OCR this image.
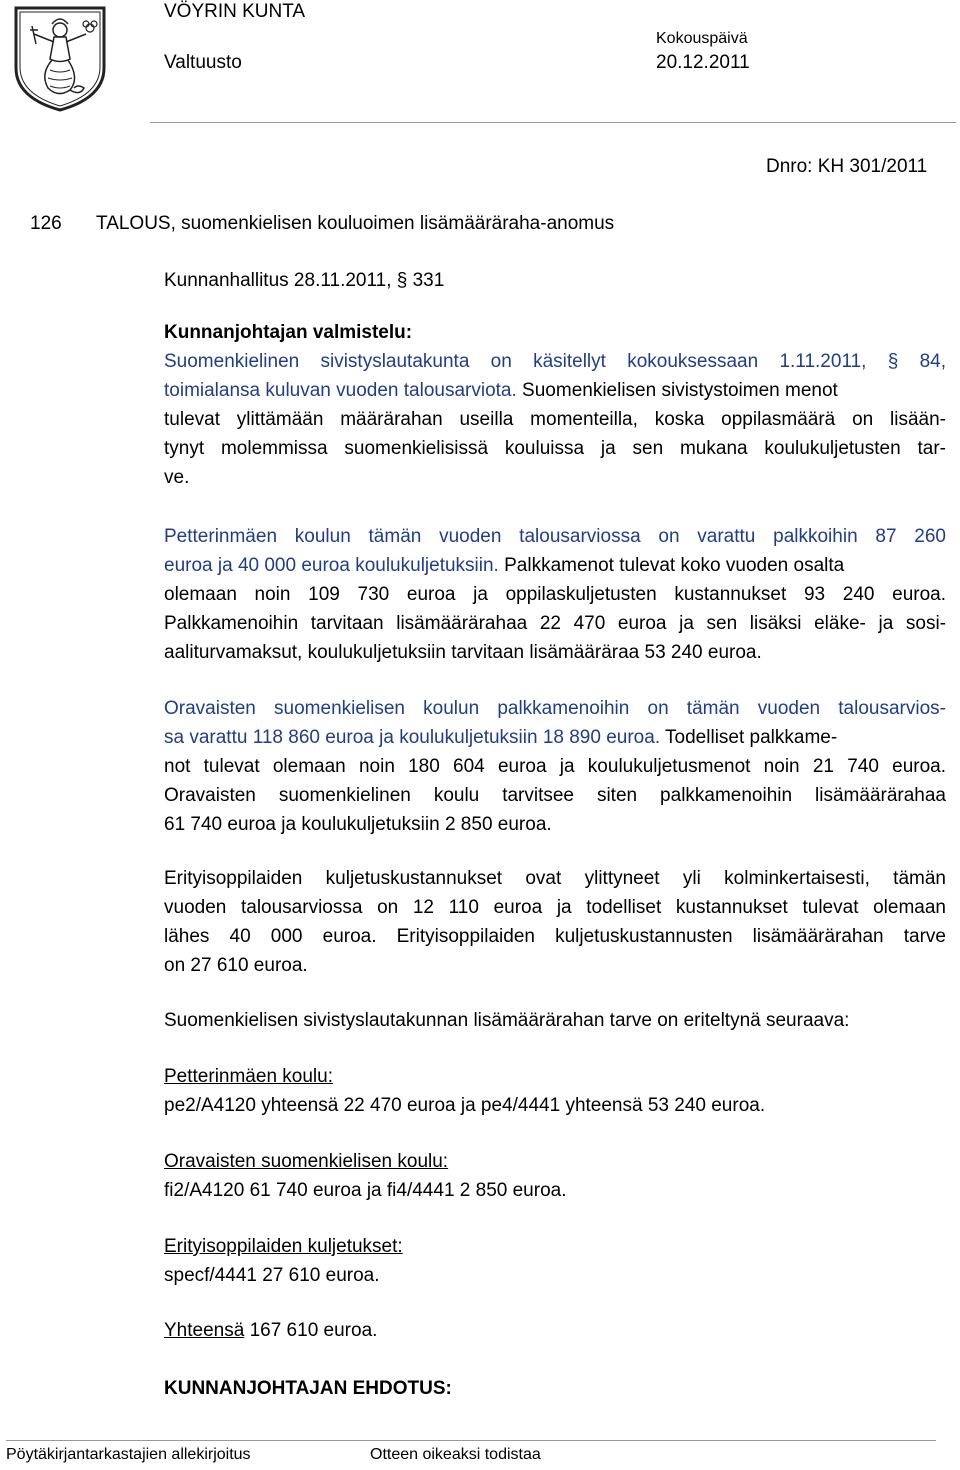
VÖYRIN KUNTA
Valtuusto
Kokouspäivä
20.12.2011
Dnro: KH 301/2011
126 TALOUS, suomenkielisen kouluoimen lisämääräraha-anomus
Kunnanhallitus 28.11.2011, § 331
Kunnanjohtajan valmistelu:
Suomenkielinen sivistyslautakunta on käsitellyt kokouksessaan 1.11.2011, § 84,
toimialansa kuluvan vuoden talousarviota. Suomenkielisen sivistystoimen menot
tulevat ylittämään määrärahan useilla momenteilla, koska oppilasmäärä on lisään-
tynyt molemmissa suomenkielisissä kouluissa ja sen mukana koulukuljetusten tar-
ve.
Petterinmäen koulun tämän vuoden talousarviossa on varattu palkkoihin 87 260
euroa ja 40 000 euroa koulukuljetuksiin. Palkkamenot tulevat koko vuoden osalta
olemaan noin 109 730 euroa ja oppilaskuljetusten kustannukset 93 240 euroa.
Palkkamenoihin tarvitaan lisämäärärahaa 22 470 euroa ja sen lisäksi eläke- ja sosi-
aaliturvamaksut, koulukuljetuksiin tarvitaan lisämääräraa 53 240 euroa.
Oravaisten suomenkielisen koulun palkkamenoihin on tämän vuoden talousarvios-
sa varattu 118 860 euroa ja koulukuljetuksiin 18 890 euroa. Todelliset palkkame-
not tulevat olemaan noin 180 604 euroa ja koulukuljetusmenot noin 21 740 euroa.
Oravaisten suomenkielinen koulu tarvitsee siten palkkamenoihin lisämäärärahaa
61 740 euroa ja koulukuljetuksiin 2 850 euroa.
Erityisoppilaiden kuljetuskustannukset ovat ylittyneet yli kolminkertaisesti, tämän
vuoden talousarviossa on 12 110 euroa ja todelliset kustannukset tulevat olemaan
lähes 40 000 euroa. Erityisoppilaiden kuljetuskustannusten lisämäärärahan tarve
on 27 610 euroa.
Suomenkielisen sivistyslautakunnan lisämäärärahan tarve on eriteltynä seuraava:
Petterinmäen koulu:
pe2/A4120 yhteensä 22 470 euroa ja pe4/4441 yhteensä 53 240 euroa.
Oravaisten suomenkielisen koulu:
fi2/A4120 61 740 euroa ja fi4/4441 2 850 euroa.
Erityisoppilaiden kuljetukset:
specf/4441 27 610 euroa.
Yhteensä 167 610 euroa.
KUNNANJOHTAJAN EHDOTUS:
Pöytäkirjantarkastajien allekirjoitus	Otteen oikeaksi todistaa
